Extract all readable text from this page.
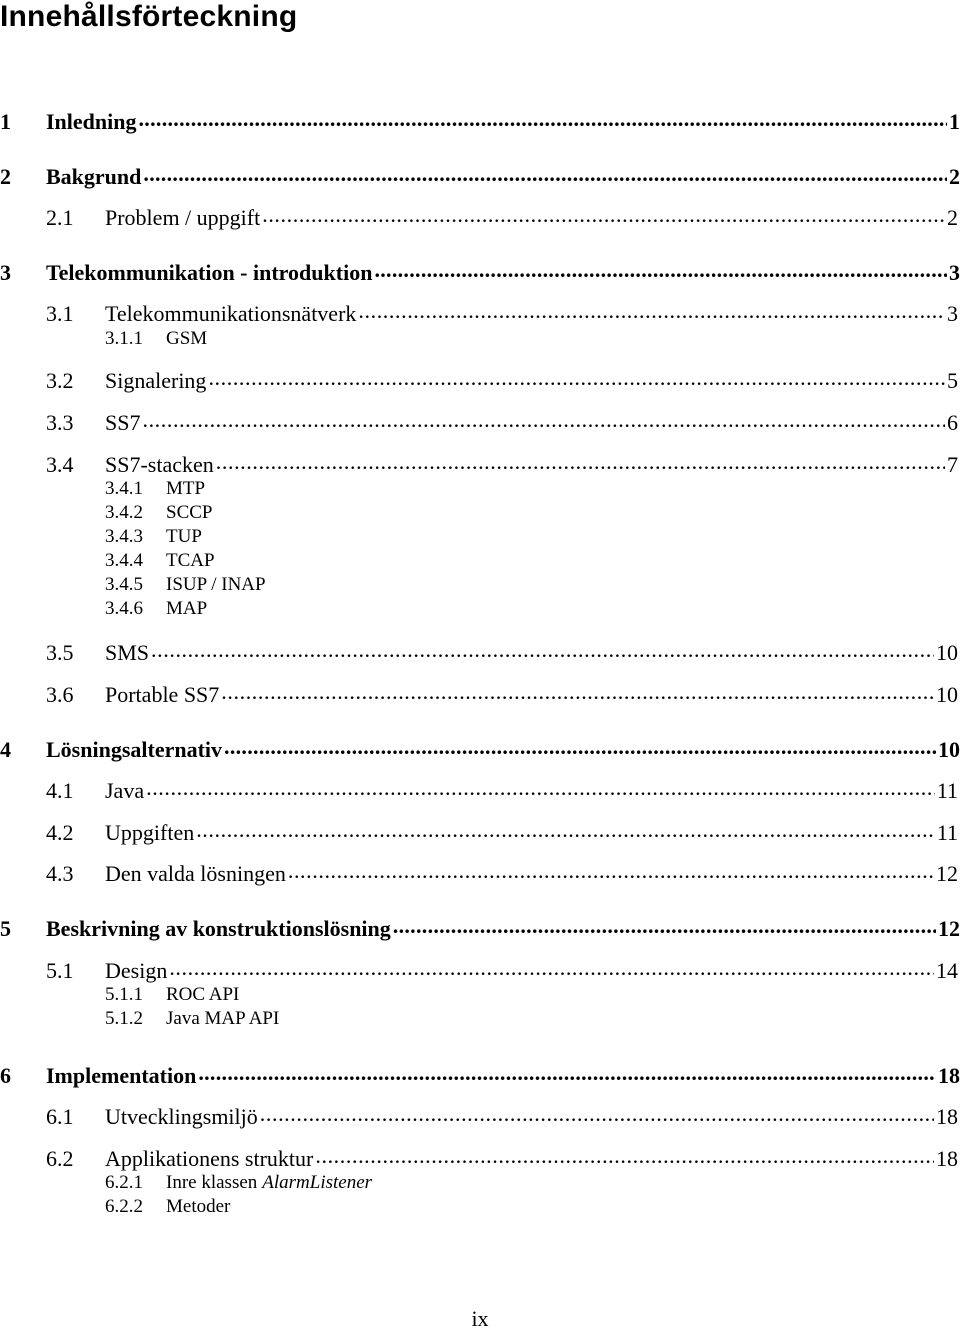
Innehållsförteckning
1	Inledning .....	1
2	Bakgrund .....	2
2.1	Problem / uppgift .....	2
3	Telekommunikation - introduktion .....	3
3.1	Telekommunikationsnätverk .....	3
3.1.1	GSM
3.2	Signalering .....	5
3.3	SS7 .....	6
3.4	SS7-stacken .....	7
3.4.1	MTP
3.4.2	SCCP
3.4.3	TUP
3.4.4	TCAP
3.4.5	ISUP / INAP
3.4.6	MAP
3.5	SMS .....	10
3.6	Portable SS7 .....	10
4	Lösningsalternativ .....	10
4.1	Java .....	11
4.2	Uppgiften .....	11
4.3	Den valda lösningen .....	12
5	Beskrivning av konstruktionslösning .....	12
5.1	Design .....	14
5.1.1	ROC API
5.1.2	Java MAP API
6	Implementation .....	18
6.1	Utvecklingsmiljö .....	18
6.2	Applikationens struktur .....	18
6.2.1	Inre klassen AlarmListener
6.2.2	Metoder
ix
